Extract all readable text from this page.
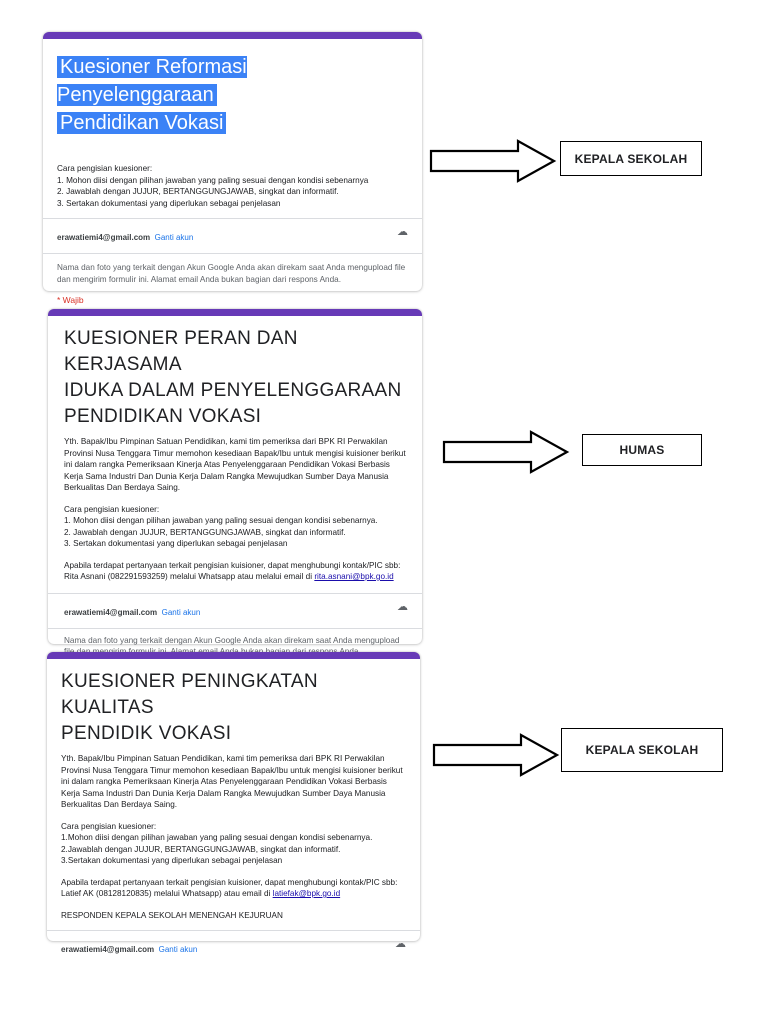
Kuesioner Reformasi Penyelenggaraan
Pendidikan Vokasi
Cara pengisian kuesioner:
1. Mohon diisi dengan pilihan jawaban yang paling sesuai dengan kondisi sebenarnya
2. Jawablah dengan JUJUR, BERTANGGUNGJAWAB, singkat dan informatif.
3. Sertakan dokumentasi yang diperlukan sebagai penjelasan
erawatiemi4@gmail.com Ganti akun	☁
Nama dan foto yang terkait dengan Akun Google Anda akan direkam saat Anda mengupload file dan mengirim formulir ini. Alamat email Anda bukan bagian dari respons Anda.
* Wajib
KEPALA SEKOLAH
KUESIONER PERAN DAN KERJASAMA
IDUKA DALAM PENYELENGGARAAN
PENDIDIKAN VOKASI
Yth. Bapak/Ibu Pimpinan Satuan Pendidikan, kami tim pemeriksa dari BPK RI Perwakilan Provinsi Nusa Tenggara Timur memohon kesediaan Bapak/Ibu untuk mengisi kuisioner berikut ini dalam rangka Pemeriksaan Kinerja Atas Penyelenggaraan Pendidikan Vokasi Berbasis Kerja Sama Industri Dan Dunia Kerja Dalam Rangka Mewujudkan Sumber Daya Manusia Berkualitas Dan Berdaya Saing.
Cara pengisian kuesioner:
1. Mohon diisi dengan pilihan jawaban yang paling sesuai dengan kondisi sebenarnya.
2. Jawablah dengan JUJUR, BERTANGGUNGJAWAB, singkat dan informatif.
3. Sertakan dokumentasi yang diperlukan sebagai penjelasan
Apabila terdapat pertanyaan terkait pengisian kuisioner, dapat menghubungi kontak/PIC sbb:
Rita Asnani (082291593259) melalui Whatsapp atau melalui email di rita.asnani@bpk.go.id
erawatiemi4@gmail.com Ganti akun	☁
Nama dan foto yang terkait dengan Akun Google Anda akan direkam saat Anda mengupload
HUMAS
KUESIONER PENINGKATAN KUALITAS
PENDIDIK VOKASI
Yth. Bapak/Ibu Pimpinan Satuan Pendidikan, kami tim pemeriksa dari BPK RI Perwakilan Provinsi Nusa Tenggara Timur memohon kesediaan Bapak/Ibu untuk mengisi kuisioner berikut ini dalam rangka Pemeriksaan Kinerja Atas Penyelenggaraan Pendidikan Vokasi Berbasis Kerja Sama Industri Dan Dunia Kerja Dalam Rangka Mewujudkan Sumber Daya Manusia Berkualitas Dan Berdaya Saing.
Cara pengisian kuesioner:
1.Mohon diisi dengan pilihan jawaban yang paling sesuai dengan kondisi sebenarnya.
2.Jawablah dengan JUJUR, BERTANGGUNGJAWAB, singkat dan informatif.
3.Sertakan dokumentasi yang diperlukan sebagai penjelasan
Apabila terdapat pertanyaan terkait pengisian kuisioner, dapat menghubungi kontak/PIC sbb:
Latief AK (08128120835) melalui Whatsapp) atau email di latiefak@bpk.go.id
RESPONDEN KEPALA SEKOLAH MENENGAH KEJURUAN
erawatiemi4@gmail.com Ganti akun	☁
KEPALA SEKOLAH
